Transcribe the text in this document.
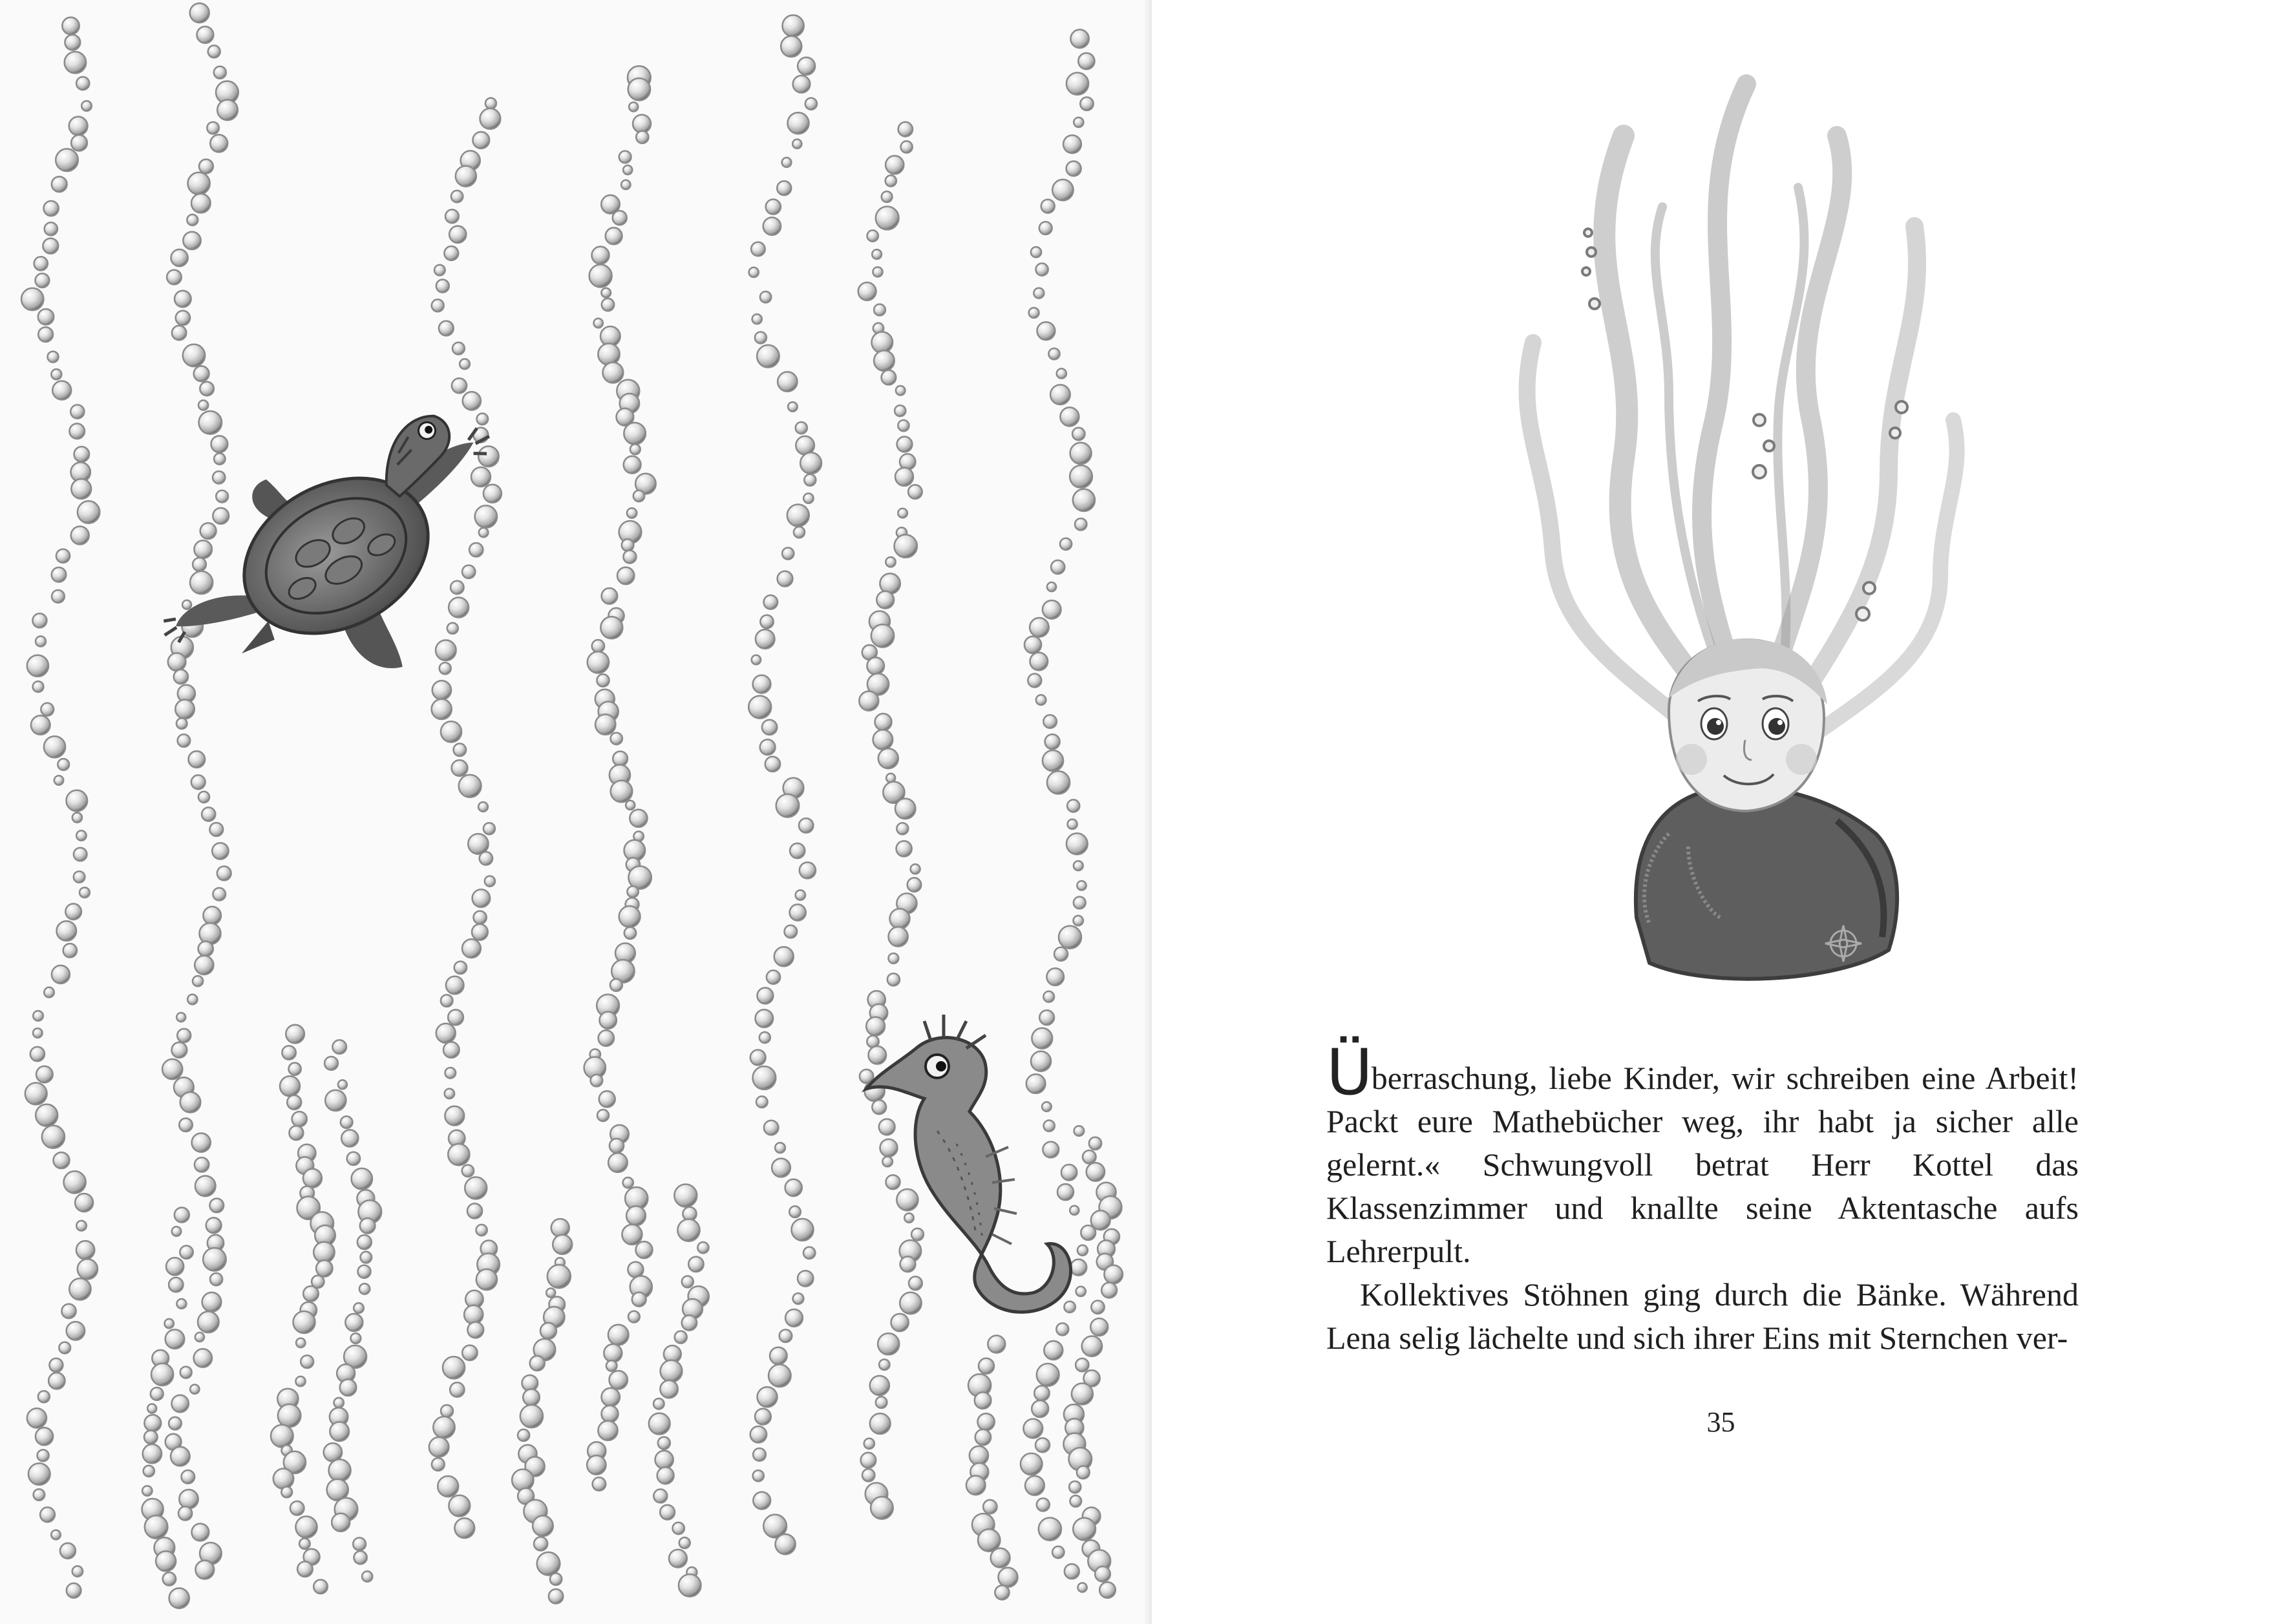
Überraschung, liebe Kinder, wir schreiben eine Arbeit! Packt eure Mathebücher weg, ihr habt ja sicher alle gelernt.« Schwungvoll betrat Herr Kottel das Klassenzimmer und knallte seine Aktentasche aufs Lehrerpult.

Kollektives Stöhnen ging durch die Bänke. Während Lena selig lächelte und sich ihrer Eins mit Sternchen ver-

35
